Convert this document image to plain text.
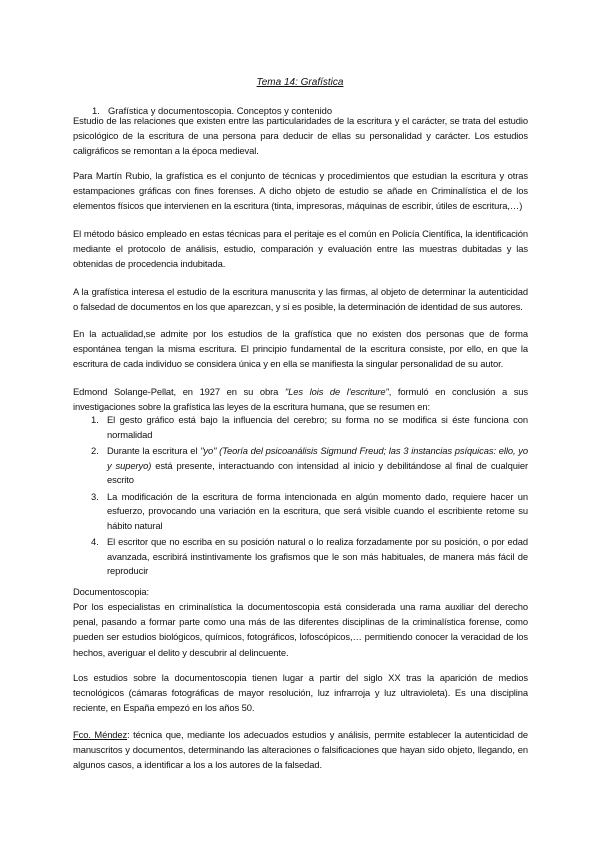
Tema 14: Grafística
1. Grafística y documentoscopia. Conceptos y contenido
Estudio de las relaciones que existen entre las particularidades de la escritura y el carácter, se trata del estudio psicológico de la escritura de una persona para deducir de ellas su personalidad y carácter. Los estudios caligráficos se remontan a la época medieval.
Para Martín Rubio, la grafística es el conjunto de técnicas y procedimientos que estudian la escritura y otras estampaciones gráficas con fines forenses. A dicho objeto de estudio se añade en Criminalística el de los elementos físicos que intervienen en la escritura (tinta, impresoras, máquinas de escribir, útiles de escritura,…)
El método básico empleado en estas técnicas para el peritaje es el común en Policía Científica, la identificación mediante el protocolo de análisis, estudio, comparación y evaluación entre las muestras dubitadas y las obtenidas de procedencia indubitada.
A la grafística interesa el estudio de la escritura manuscrita y las firmas, al objeto de determinar la autenticidad o falsedad de documentos en los que aparezcan, y si es posible, la determinación de identidad de sus autores.
En la actualidad,se admite por los estudios de la grafística que no existen dos personas que de forma espontánea tengan la misma escritura. El principio fundamental de la escritura consiste, por ello, en que la escritura de cada individuo se considera única y en ella se manifiesta la singular personalidad de su autor.
Edmond Solange-Pellat, en 1927 en su obra "Les lois de l'escriture", formuló en conclusión a sus investigaciones sobre la grafística las leyes de la escritura humana, que se resumen en:
1. El gesto gráfico está bajo la influencia del cerebro; su forma no se modifica si éste funciona con normalidad
2. Durante la escritura el "yo" (Teoría del psicoanálisis Sigmund Freud; las 3 instancias psíquicas: ello, yo y superyo) está presente, interactuando con intensidad al inicio y debilitándose al final de cualquier escrito
3. La modificación de la escritura de forma intencionada en algún momento dado, requiere hacer un esfuerzo, provocando una variación en la escritura, que será visible cuando el escribiente retome su hábito natural
4. El escritor que no escriba en su posición natural o lo realiza forzadamente por su posición, o por edad avanzada, escribirá instintivamente los grafismos que le son más habituales, de manera más fácil de reproducir
Documentoscopia:
Por los especialistas en criminalística la documentoscopia está considerada una rama auxiliar del derecho penal, pasando a formar parte como una más de las diferentes disciplinas de la criminalística forense, como pueden ser estudios biológicos, químicos, fotográficos, lofoscópicos,… permitiendo conocer la veracidad de los hechos, averiguar el delito y descubrir al delincuente.
Los estudios sobre la documentoscopia tienen lugar a partir del siglo XX tras la aparición de medios tecnológicos (cámaras fotográficas de mayor resolución, luz infrarroja y luz ultravioleta). Es una disciplina reciente, en España empezó en los años 50.
Fco. Méndez: técnica que, mediante los adecuados estudios y análisis, permite establecer la autenticidad de manuscritos y documentos, determinando las alteraciones o falsificaciones que hayan sido objeto, llegando, en algunos casos, a identificar a los a los autores de la falsedad.
